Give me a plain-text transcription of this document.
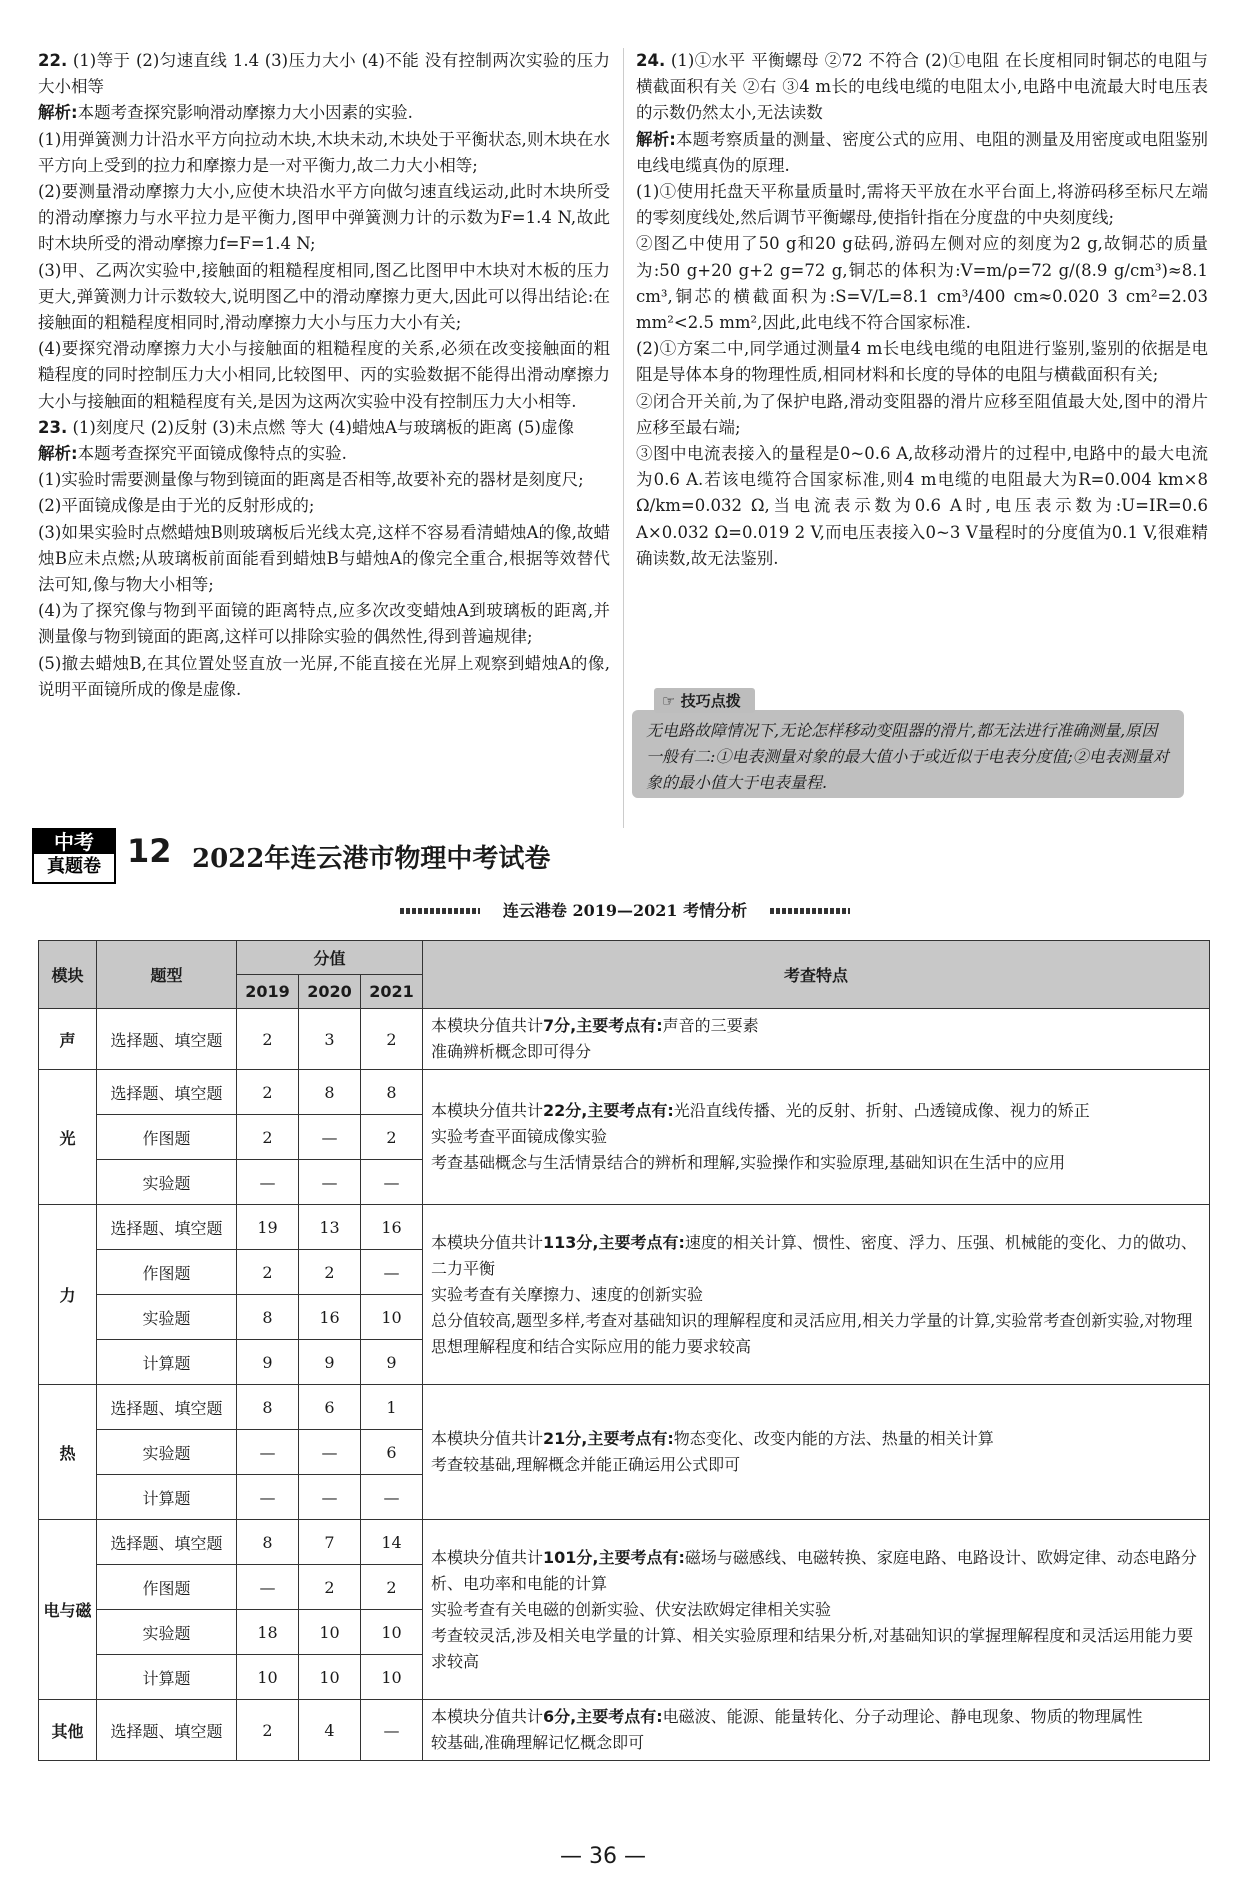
22. (1)等于 (2)匀速直线 1.4 (3)压力大小 (4)不能 没有控制两次实验的压力大小相等

解析:本题考查探究影响滑动摩擦力大小因素的实验.

(1)用弹簧测力计沿水平方向拉动木块,木块未动,木块处于平衡状态,则木块在水平方向上受到的拉力和摩擦力是一对平衡力,故二力大小相等;

(2)要测量滑动摩擦力大小,应使木块沿水平方向做匀速直线运动,此时木块所受的滑动摩擦力与水平拉力是平衡力,图甲中弹簧测力计的示数为F=1.4 N,故此时木块所受的滑动摩擦力f=F=1.4 N;

(3)甲、乙两次实验中,接触面的粗糙程度相同,图乙比图甲中木块对木板的压力更大,弹簧测力计示数较大,说明图乙中的滑动摩擦力更大,因此可以得出结论:在接触面的粗糙程度相同时,滑动摩擦力大小与压力大小有关;

(4)要探究滑动摩擦力大小与接触面的粗糙程度的关系,必须在改变接触面的粗糙程度的同时控制压力大小相同,比较图甲、丙的实验数据不能得出滑动摩擦力大小与接触面的粗糙程度有关,是因为这两次实验中没有控制压力大小相等.

23. (1)刻度尺 (2)反射 (3)未点燃 等大 (4)蜡烛A与玻璃板的距离 (5)虚像

解析:本题考查探究平面镜成像特点的实验.

(1)实验时需要测量像与物到镜面的距离是否相等,故要补充的器材是刻度尺;

(2)平面镜成像是由于光的反射形成的;

(3)如果实验时点燃蜡烛B则玻璃板后光线太亮,这样不容易看清蜡烛A的像,故蜡烛B应未点燃;从玻璃板前面能看到蜡烛B与蜡烛A的像完全重合,根据等效替代法可知,像与物大小相等;

(4)为了探究像与物到平面镜的距离特点,应多次改变蜡烛A到玻璃板的距离,并测量像与物到镜面的距离,这样可以排除实验的偶然性,得到普遍规律;

(5)撤去蜡烛B,在其位置处竖直放一光屏,不能直接在光屏上观察到蜡烛A的像,说明平面镜所成的像是虚像.

24. (1)①水平 平衡螺母 ②72 不符合 (2)①电阻 在长度相同时铜芯的电阻与横截面积有关 ②右 ③4 m长的电线电缆的电阻太小,电路中电流最大时电压表的示数仍然太小,无法读数

解析:本题考察质量的测量、密度公式的应用、电阻的测量及用密度或电阻鉴别电线电缆真伪的原理.

(1)①使用托盘天平称量质量时,需将天平放在水平台面上,将游码移至标尺左端的零刻度线处,然后调节平衡螺母,使指针指在分度盘的中央刻度线;

②图乙中使用了50 g和20 g砝码,游码左侧对应的刻度为2 g,故铜芯的质量为:50 g+20 g+2 g=72 g,铜芯的体积为:V=m/ρ=72 g/(8.9 g/cm³)≈8.1 cm³,铜芯的横截面积为:S=V/L=8.1 cm³/400 cm≈0.020 3 cm²=2.03 mm²<2.5 mm²,因此,此电线不符合国家标准.

(2)①方案二中,同学通过测量4 m长电线电缆的电阻进行鉴别,鉴别的依据是电阻是导体本身的物理性质,相同材料和长度的导体的电阻与横截面积有关;

②闭合开关前,为了保护电路,滑动变阻器的滑片应移至阻值最大处,图中的滑片应移至最右端;

③图中电流表接入的量程是0~0.6 A,故移动滑片的过程中,电路中的最大电流为0.6 A.若该电缆符合国家标准,则4 m电缆的电阻最大为R=0.004 km×8 Ω/km=0.032 Ω,当电流表示数为0.6 A时,电压表示数为:U=IR=0.6 A×0.032 Ω=0.019 2 V,而电压表接入0~3 V量程时的分度值为0.1 V,很难精确读数,故无法鉴别.

无电路故障情况下,无论怎样移动变阻器的滑片,都无法进行准确测量,原因一般有二:①电表测量对象的最大值小于或近似于电表分度值;②电表测量对象的最小值大于电表量程.
☞ 技巧点拨
中考
真题卷 12 2022年连云港市物理中考试卷
连云港卷 2019—2021 考情分析
模块	题型	分值			考查特点
		2019	2020	2021	
声	选择题、填空题	2	3	2	本模块分值共计7分,主要考点有:声音的三要素
准确辨析概念即可得分

光	选择题、填空题	2	8	8	本模块分值共计22分,主要考点有:光沿直线传播、光的反射、折射、凸透镜成像、视力的矫正
实验考查平面镜成像实验
考查基础概念与生活情景结合的辨析和理解,实验操作和实验原理,基础知识在生活中的应用

	作图题	2	—	2	
	实验题	—	—	—	
力	选择题、填空题	19	13	16	本模块分值共计113分,主要考点有:速度的相关计算、惯性、密度、浮力、压强、机械能的变化、力的做功、二力平衡
实验考查有关摩擦力、速度的创新实验
总分值较高,题型多样,考查对基础知识的理解程度和灵活应用,相关力学量的计算,实验常考查创新实验,对物理思想理解程度和结合实际应用的能力要求较高

	作图题	2	2	—	
	实验题	8	16	10	
	计算题	9	9	9	
热	选择题、填空题	8	6	1	本模块分值共计21分,主要考点有:物态变化、改变内能的方法、热量的相关计算
考查较基础,理解概念并能正确运用公式即可

	实验题	—	—	6	
	计算题	—	—	—	
电与磁	选择题、填空题	8	7	14	本模块分值共计101分,主要考点有:磁场与磁感线、电磁转换、家庭电路、电路设计、欧姆定律、动态电路分析、电功率和电能的计算
实验考查有关电磁的创新实验、伏安法欧姆定律相关实验
考查较灵活,涉及相关电学量的计算、相关实验原理和结果分析,对基础知识的掌握理解程度和灵活运用能力要求较高

	作图题	—	2	2	
	实验题	18	10	10	
	计算题	10	10	10	
其他	选择题、填空题	2	4	—	本模块分值共计6分,主要考点有:电磁波、能源、能量转化、分子动理论、静电现象、物质的物理属性
较基础,准确理解记忆概念即可
— 36 —
